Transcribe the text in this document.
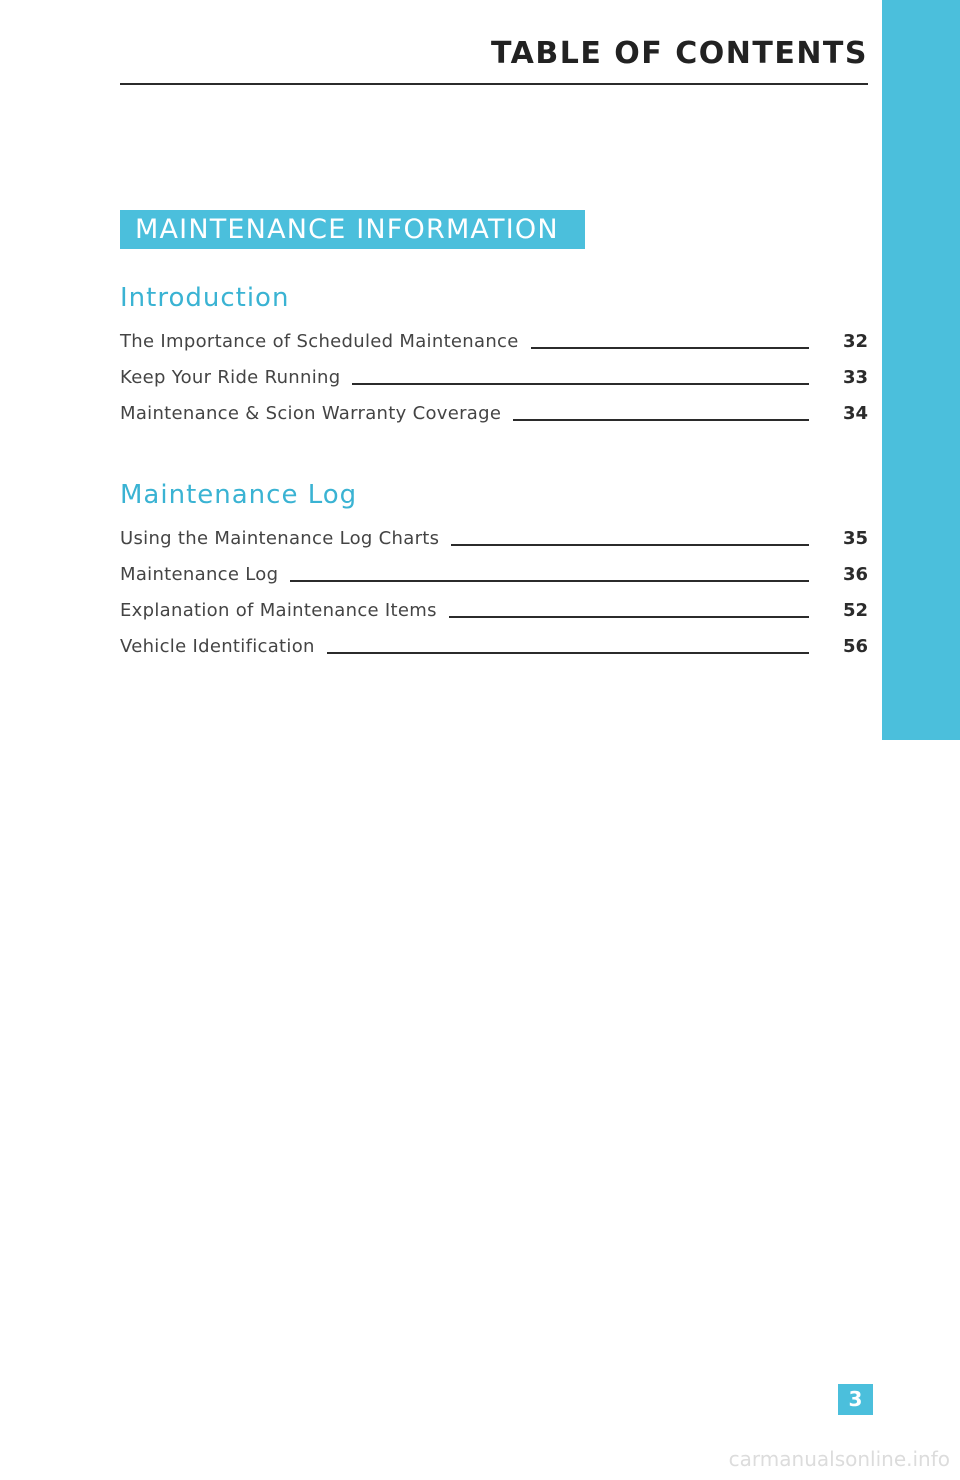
TABLE OF CONTENTS
MAINTENANCE INFORMATION
Introduction
The Importance of Scheduled Maintenance	32
Keep Your Ride Running	33
Maintenance & Scion Warranty Coverage	34
Maintenance Log
Using the Maintenance Log Charts	35
Maintenance Log	36
Explanation of Maintenance Items	52
Vehicle Identification	56
3
carmanualsonline.info
